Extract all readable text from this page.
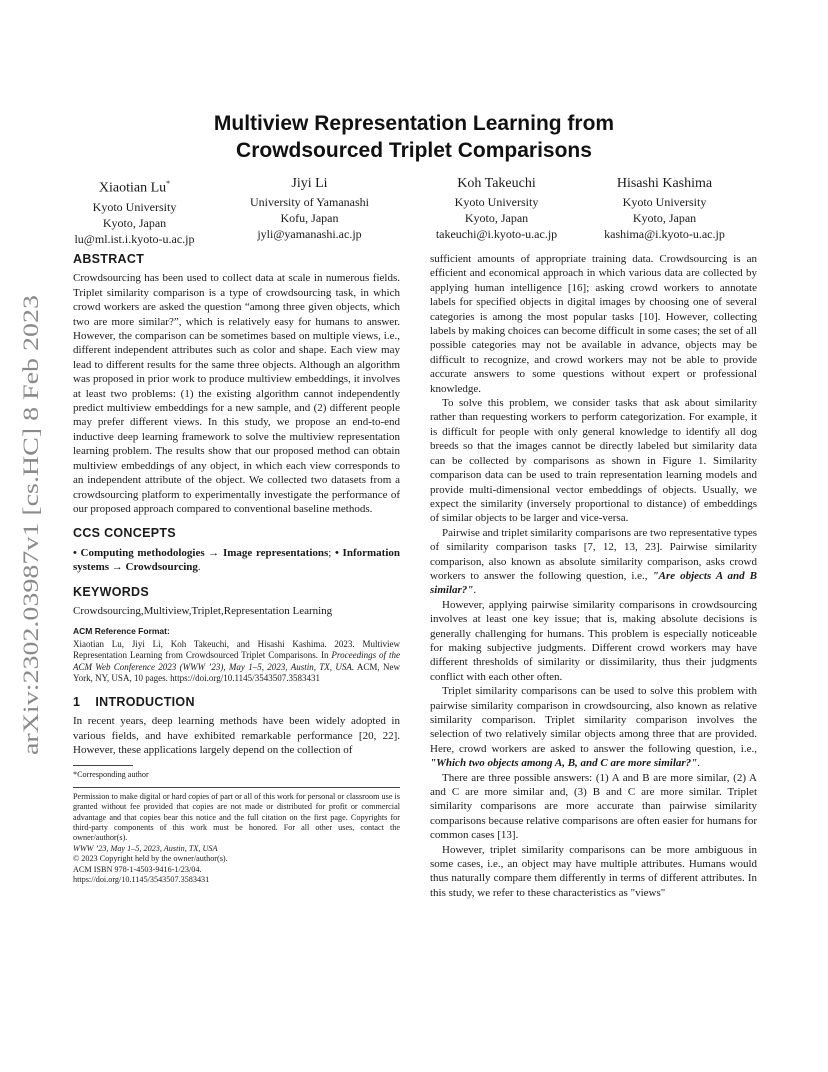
arXiv:2302.03987v1 [cs.HC] 8 Feb 2023
Multiview Representation Learning from
Crowdsourced Triplet Comparisons
Xiaotian Lu*
Kyoto University
Kyoto, Japan
lu@ml.ist.i.kyoto-u.ac.jp
Jiyi Li
University of Yamanashi
Kofu, Japan
jyli@yamanashi.ac.jp
Koh Takeuchi
Kyoto University
Kyoto, Japan
takeuchi@i.kyoto-u.ac.jp
Hisashi Kashima
Kyoto University
Kyoto, Japan
kashima@i.kyoto-u.ac.jp
ABSTRACT

Crowdsourcing has been used to collect data at scale in numerous fields. Triplet similarity comparison is a type of crowdsourcing task, in which crowd workers are asked the question “among three given objects, which two are more similar?”, which is relatively easy for humans to answer. However, the comparison can be sometimes based on multiple views, i.e., different independent attributes such as color and shape. Each view may lead to different results for the same three objects. Although an algorithm was proposed in prior work to produce multiview embeddings, it involves at least two problems: (1) the existing algorithm cannot independently predict multiview embeddings for a new sample, and (2) different people may prefer different views. In this study, we propose an end-to-end inductive deep learning framework to solve the multiview representation learning problem. The results show that our proposed method can obtain multiview embeddings of any object, in which each view corresponds to an independent attribute of the object. We collected two datasets from a crowdsourcing platform to experimentally investigate the performance of our proposed approach compared to conventional baseline methods.

CCS CONCEPTS

• Computing methodologies → Image representations; • Information systems → Crowdsourcing.

KEYWORDS

Crowdsourcing,Multiview,Triplet,Representation Learning

ACM Reference Format:

Xiaotian Lu, Jiyi Li, Koh Takeuchi, and Hisashi Kashima. 2023. Multiview Representation Learning from Crowdsourced Triplet Comparisons. In Proceedings of the ACM Web Conference 2023 (WWW ’23), May 1–5, 2023, Austin, TX, USA. ACM, New York, NY, USA, 10 pages. https://doi.org/10.1145/3543507.3583431

1    INTRODUCTION

In recent years, deep learning methods have been widely adopted in various fields, and have exhibited remarkable performance [20, 22]. However, these applications largely depend on the collection of

*Corresponding author

Permission to make digital or hard copies of part or all of this work for personal or classroom use is granted without fee provided that copies are not made or distributed for profit or commercial advantage and that copies bear this notice and the full citation on the first page. Copyrights for third-party components of this work must be honored. For all other uses, contact the owner/author(s).

WWW ’23, May 1–5, 2023, Austin, TX, USA

© 2023 Copyright held by the owner/author(s).

ACM ISBN 978-1-4503-9416-1/23/04.

https://doi.org/10.1145/3543507.3583431

sufficient amounts of appropriate training data. Crowdsourcing is an efficient and economical approach in which various data are collected by applying human intelligence [16]; asking crowd workers to annotate labels for specified objects in digital images by choosing one of several categories is among the most popular tasks [10]. However, collecting labels by making choices can become difficult in some cases; the set of all possible categories may not be available in advance, objects may be difficult to recognize, and crowd workers may not be able to provide accurate answers to some questions without expert or professional knowledge.

To solve this problem, we consider tasks that ask about similarity rather than requesting workers to perform categorization. For example, it is difficult for people with only general knowledge to identify all dog breeds so that the images cannot be directly labeled but similarity data can be collected by comparisons as shown in Figure 1. Similarity comparison data can be used to train representation learning models and provide multi-dimensional vector embeddings of objects. Usually, we expect the similarity (inversely proportional to distance) of embeddings of similar objects to be larger and vice-versa.

Pairwise and triplet similarity comparisons are two representative types of similarity comparison tasks [7, 12, 13, 23]. Pairwise similarity comparison, also known as absolute similarity comparison, asks crowd workers to answer the following question, i.e., "Are objects A and B similar?".

However, applying pairwise similarity comparisons in crowdsourcing involves at least one key issue; that is, making absolute decisions is generally challenging for humans. This problem is especially noticeable for making subjective judgments. Different crowd workers may have different thresholds of similarity or dissimilarity, thus their judgments conflict with each other often.

Triplet similarity comparisons can be used to solve this problem with pairwise similarity comparison in crowdsourcing, also known as relative similarity comparison. Triplet similarity comparison involves the selection of two relatively similar objects among three that are provided. Here, crowd workers are asked to answer the following question, i.e., "Which two objects among A, B, and C are more similar?".

There are three possible answers: (1) A and B are more similar, (2) A and C are more similar and, (3) B and C are more similar. Triplet similarity comparisons are more accurate than pairwise similarity comparisons because relative comparisons are often easier for humans for common cases [13].

However, triplet similarity comparisons can be more ambiguous in some cases, i.e., an object may have multiple attributes. Humans would thus naturally compare them differently in terms of different attributes. In this study, we refer to these characteristics as "views"
